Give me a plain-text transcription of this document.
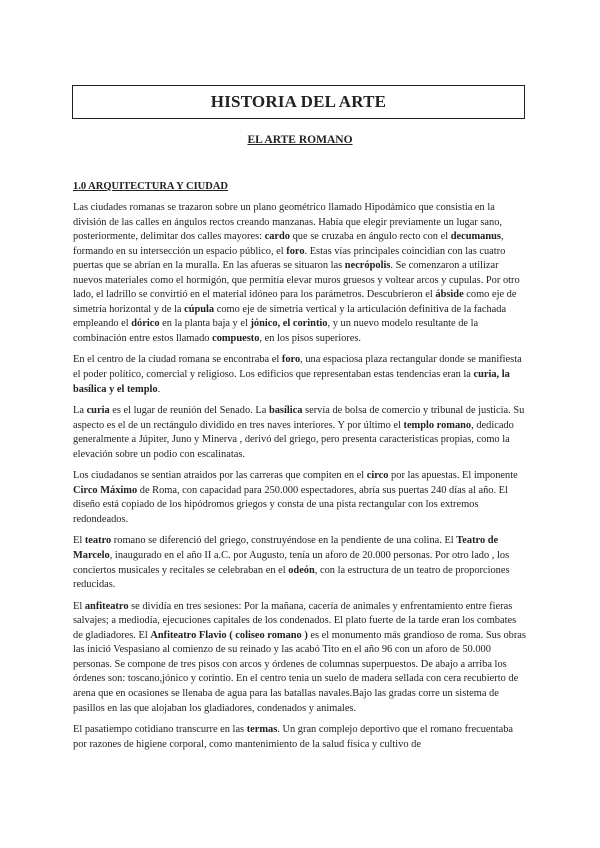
HISTORIA DEL ARTE
EL ARTE ROMANO
1.0 ARQUITECTURA Y CIUDAD

Las ciudades romanas se trazaron sobre un plano geométrico llamado Hipodámico que consistia en la división de las calles en ángulos rectos creando manzanas. Había que elegir previamente un lugar sano, posteriormente, delimitar dos calles mayores: cardo que se cruzaba en ángulo recto con el decumanus, formando en su intersección un espacio público, el foro. Estas vías principales coincidian con las cuatro puertas que se abrían en la muralla. En las afueras se situaron las necrópolis. Se comenzaron a utilizar nuevos materiales como el hormigón, que permitía elevar muros gruesos y voltear arcos y cupulas. Por otro lado, el ladrillo se convirtió en el material idóneo para los parámetros. Descubrieron el ábside como eje de simetría horizontal y de la cúpula como eje de simetria vertical y la articulación definitiva de la fachada empleando el dórico en la planta baja y el jónico, el corintio, y un nuevo modelo resultante de la combinación entre estos llamado compuesto, en los pisos superiores.

En el centro de la ciudad romana se encontraba el foro, una espaciosa plaza rectangular donde se manifiesta el poder político, comercial y religioso. Los edificios que representaban estas tendencias eran la curia, la basílica y el templo.

La curia es el lugar de reunión del Senado. La basílica servía de bolsa de comercio y tribunal de justicia. Su aspecto es el de un rectángulo dividido en tres naves interiores. Y por último el templo romano, dedicado generalmente a Júpiter, Juno y Minerva , derivó del griego, pero presenta caracteristicas propias, como la elevación sobre un podio con escalinatas.

Los ciudadanos se sentian atraidos por las carreras que compiten en el circo por las apuestas. El imponente Circo Máximo de Roma, con capacidad para 250.000 espectadores, abría sus puertas 240 días al año. El diseño está copiado de los hipódromos griegos y consta de una pista rectangular con los extremos redondeados.

El teatro romano se diferenció del griego, construyéndose en la pendiente de una colina. El Teatro de Marcelo, inaugurado en el año II a.C. por Augusto, tenía un aforo de 20.000 personas. Por otro lado , los conciertos musicales y recitales se celebraban en el odeón, con la estructura de un teatro de proporciones reducidas.

El anfiteatro se dividía en tres sesiones: Por la mañana, cacería de animales y enfrentamiento entre fieras salvajes; a mediodía, ejecuciones capitales de los condenados. El plato fuerte de la tarde eran los combates de gladiadores. El Anfiteatro Flavio ( coliseo romano ) es el monumento más grandioso de roma. Sus obras las inició Vespasiano al comienzo de su reinado y las acabó Tito en el año 96 con un aforo de 50.000 personas. Se compone de tres pisos con arcos y órdenes de columnas superpuestos. De abajo a arriba los órdenes son: toscano,jónico y corintio. En el centro tenia un suelo de madera sellada con cera recubierto de arena que en ocasiones se llenaba de agua para las batallas navales.Bajo las gradas corre un sistema de pasillos en las que alojaban los gladiadores, condenados y animales.

El pasatiempo cotidiano transcurre en las termas. Un gran complejo deportivo que el romano frecuentaba por razones de higiene corporal, como mantenimiento de la salud física y cultivo de
